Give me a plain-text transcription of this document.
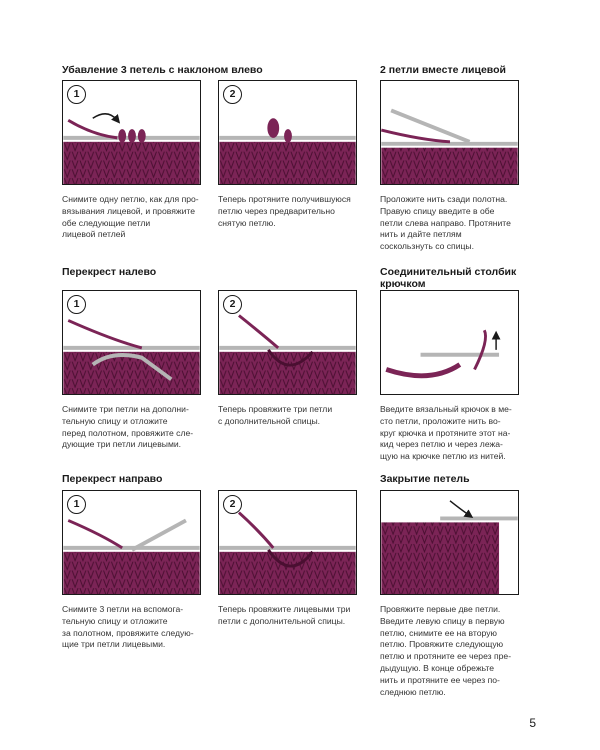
Убавление 3 петель с наклоном влево
1

Снимите одну петлю, как для про-
вязывания лицевой, и провяжите
обе следующие петли
лицевой петлей

2

Теперь протяните получившуюся
петлю через предварительно
снятую петлю.

2 петли вместе лицевой

Проложите нить сзади полотна.
Правую спицу введите в обе
петли слева направо. Протяните
нить и дайте петлям
соскользнуть со спицы.

Перекрест налево
1

Снимите три петли на дополни-
тельную спицу и отложите
перед полотном, провяжите сле-
дующие три петли лицевыми.

2

Теперь провяжите три петли
с дополнительной спицы.

Соединительный столбик
крючком

Введите вязальный крючок в ме-
сто петли, проложите нить во-
круг крючка и протяните этот на-
кид через петлю и через лежа-
щую на крючке петлю из нитей.

Перекрест направо
1

Снимите 3 петли на вспомога-
тельную спицу и отложите
за полотном, провяжите следую-
щие три петли лицевыми.

2

Теперь провяжите лицевыми три
петли с дополнительной спицы.

Закрытие петель

Провяжите первые две петли.
Введите левую спицу в первую
петлю, снимите ее на вторую
петлю. Провяжите следующую
петлю и протяните ее через пре-
дыдущую. В конце обрежьте
нить и протяните ее через по-
следнюю петлю.

5
